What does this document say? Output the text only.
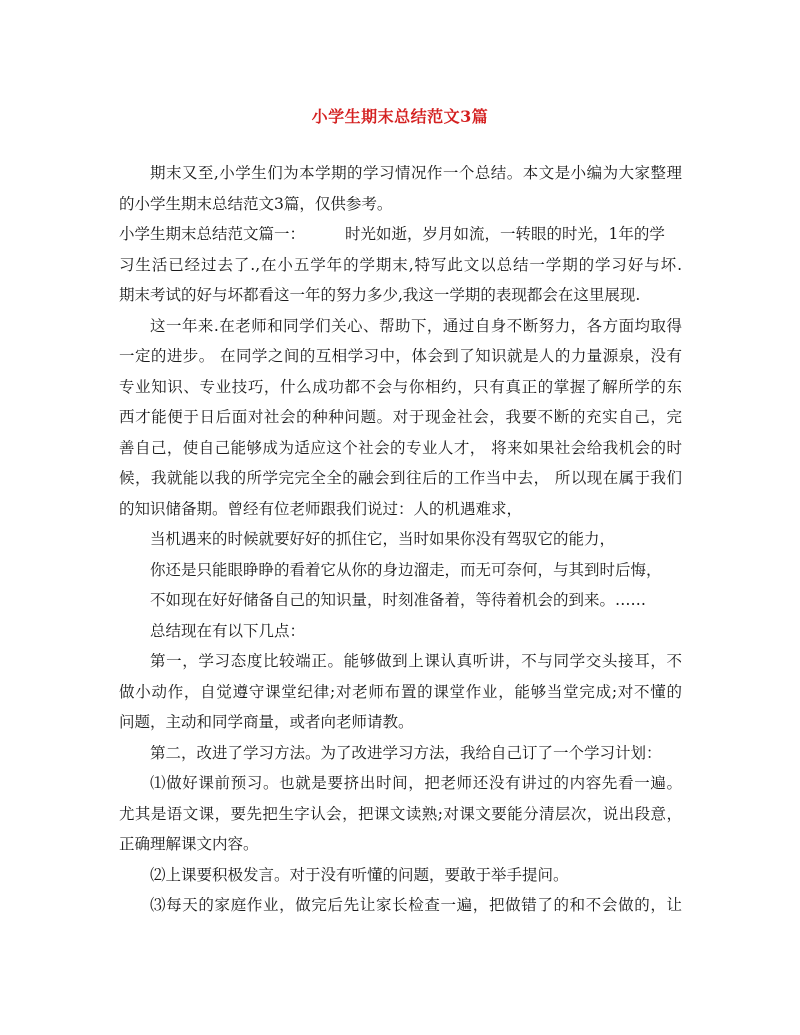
小学生期末总结范文3篇
期末又至,小学生们为本学期的学习情况作一个总结。本文是小编为大家整理
的小学生期末总结范文3篇，仅供参考。
小学生期末总结范文篇一：	时光如逝，岁月如流，一转眼的时光，1年的学
习生活已经过去了.,在小五学年的学期末,特写此文以总结一学期的学习好与坏.
期末考试的好与坏都看这一年的努力多少,我这一学期的表现都会在这里展现.
这一年来.在老师和同学们关心、帮助下，通过自身不断努力，各方面均取得
一定的进步。 在同学之间的互相学习中，体会到了知识就是人的力量源泉，没有
专业知识、专业技巧，什么成功都不会与你相约，只有真正的掌握了解所学的东
西才能便于日后面对社会的种种问题。对于现金社会，我要不断的充实自己，完
善自己，使自己能够成为适应这个社会的专业人才， 将来如果社会给我机会的时
候，我就能以我的所学完完全全的融会到往后的工作当中去， 所以现在属于我们
的知识储备期。曾经有位老师跟我们说过：人的机遇难求，
当机遇来的时候就要好好的抓住它，当时如果你没有驾驭它的能力，
你还是只能眼睁睁的看着它从你的身边溜走，而无可奈何，与其到时后悔，
不如现在好好储备自己的知识量，时刻准备着，等待着机会的到来。……
总结现在有以下几点：
第一，学习态度比较端正。能够做到上课认真听讲，不与同学交头接耳，不
做小动作，自觉遵守课堂纪律;对老师布置的课堂作业，能够当堂完成;对不懂的
问题，主动和同学商量，或者向老师请教。
第二，改进了学习方法。为了改进学习方法，我给自己订了一个学习计划：
⑴做好课前预习。也就是要挤出时间，把老师还没有讲过的内容先看一遍。
尤其是语文课，要先把生字认会，把课文读熟;对课文要能分清层次，说出段意，
正确理解课文内容。
⑵上课要积极发言。对于没有听懂的问题，要敢于举手提问。
⑶每天的家庭作业，做完后先让家长检查一遍，把做错了的和不会做的，让
